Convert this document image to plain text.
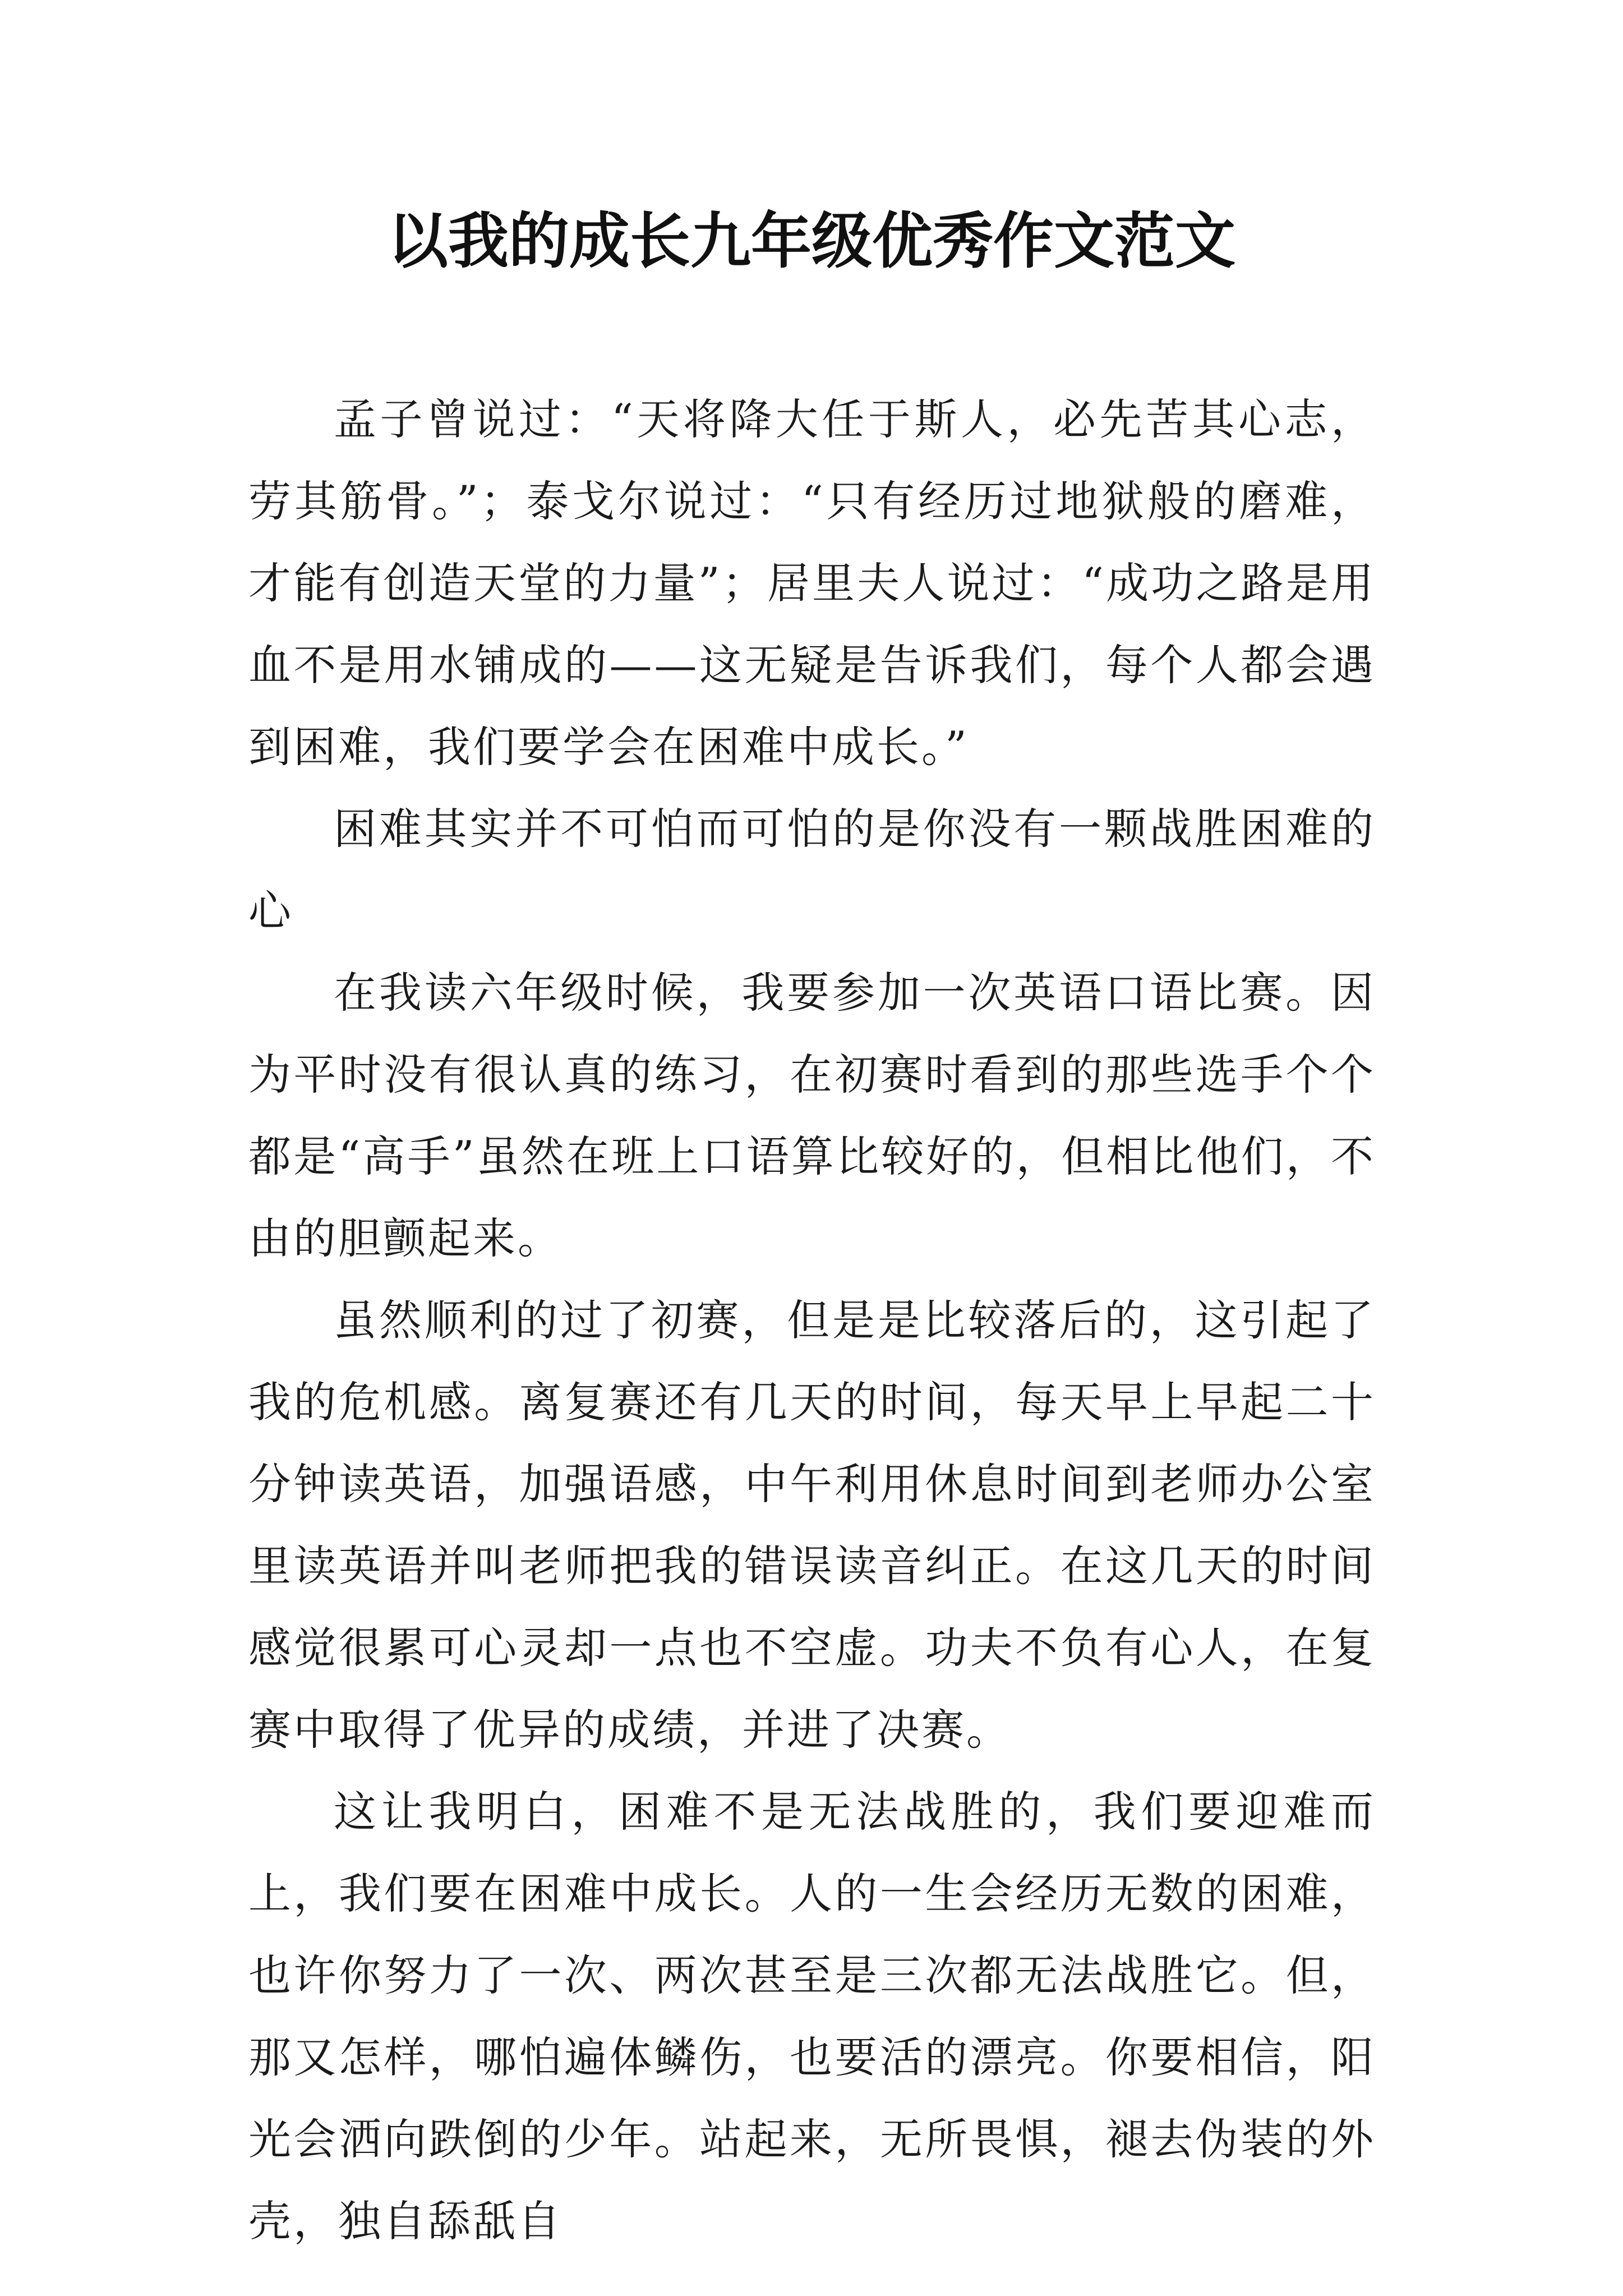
以我的成长九年级优秀作文范文

孟子曾说过：“天将降大任于斯人，必先苦其心志，劳其筋骨。”；泰戈尔说过：“只有经历过地狱般的磨难，才能有创造天堂的力量”；居里夫人说过：“成功之路是用血不是用水铺成的——这无疑是告诉我们，每个人都会遇到困难，我们要学会在困难中成长。”

困难其实并不可怕而可怕的是你没有一颗战胜困难的心

在我读六年级时候，我要参加一次英语口语比赛。因为平时没有很认真的练习，在初赛时看到的那些选手个个都是“高手”虽然在班上口语算比较好的，但相比他们，不由的胆颤起来。

虽然顺利的过了初赛，但是是比较落后的，这引起了我的危机感。离复赛还有几天的时间，每天早上早起二十分钟读英语，加强语感，中午利用休息时间到老师办公室里读英语并叫老师把我的错误读音纠正。在这几天的时间感觉很累可心灵却一点也不空虚。功夫不负有心人，在复赛中取得了优异的成绩，并进了决赛。

这让我明白，困难不是无法战胜的，我们要迎难而上，我们要在困难中成长。人的一生会经历无数的困难，也许你努力了一次、两次甚至是三次都无法战胜它。但，那又怎样，哪怕遍体鳞伤，也要活的漂亮。你要相信，阳光会洒向跌倒的少年。站起来，无所畏惧，褪去伪装的外壳，独自舔舐自
